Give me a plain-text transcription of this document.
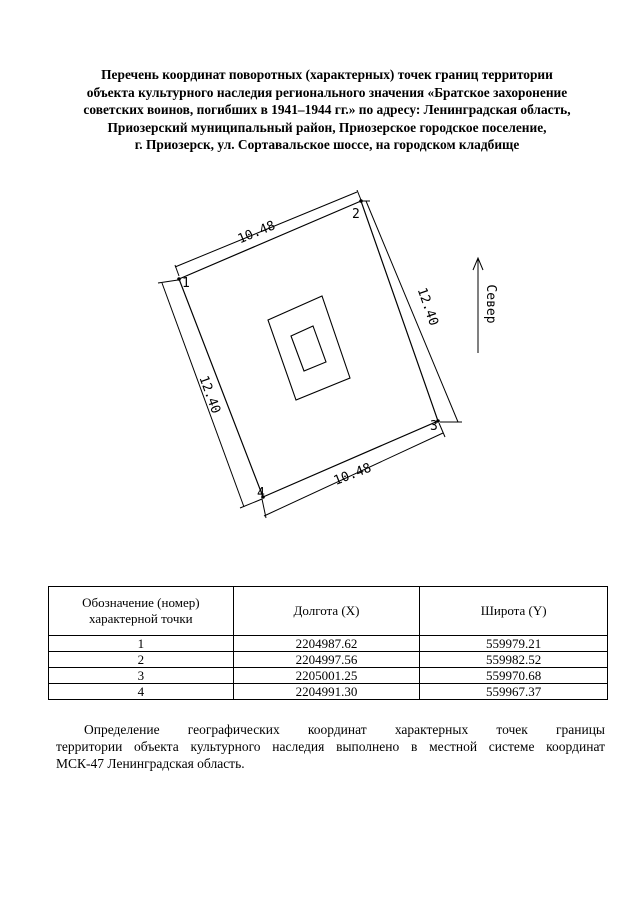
Перечень координат поворотных (характерных) точек границ территории
объекта культурного наследия регионального значения «Братское захоронение
советских воинов, погибших в 1941–1944 гг.» по адресу: Ленинградская область,
Приозерский муниципальный район, Приозерское городское поселение,
г. Приозерск, ул. Сортавальское шоссе, на городском кладбище
10.48
12.40
12.40
10.48
1
2
3
4
Север
Обозначение (номер) характерной точки	Долгота (X)	Широта (Y)
1	2204987.62	559979.21
2	2204997.56	559982.52
3	2205001.25	559970.68
4	2204991.30	559967.37
Определение географических координат характерных точек границы
территории объекта культурного наследия выполнено в местной системе координат
МСК-47 Ленинградская область.
